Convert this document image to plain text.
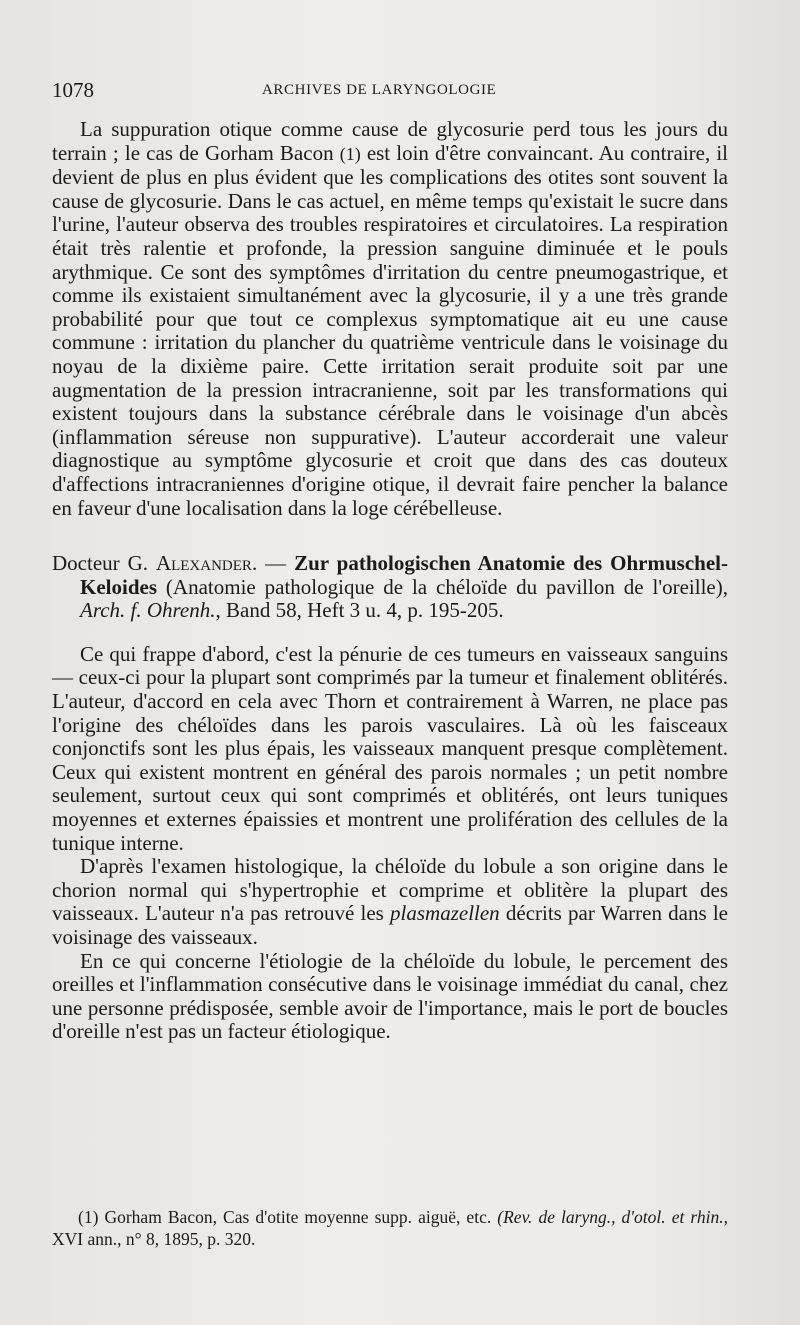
1078	ARCHIVES DE LARYNGOLOGIE

La suppuration otique comme cause de glycosurie perd tous les jours du terrain ; le cas de Gorham Bacon (1) est loin d'être convaincant. Au contraire, il devient de plus en plus évident que les complications des otites sont souvent la cause de glycosurie. Dans le cas actuel, en même temps qu'existait le sucre dans l'urine, l'auteur observa des troubles respiratoires et circulatoires. La respiration était très ralentie et profonde, la pression sanguine diminuée et le pouls arythmique. Ce sont des symptômes d'irritation du centre pneumogastrique, et comme ils existaient simultanément avec la glycosurie, il y a une très grande probabilité pour que tout ce complexus symptomatique ait eu une cause commune : irritation du plancher du quatrième ventricule dans le voisinage du noyau de la dixième paire. Cette irritation serait produite soit par une augmentation de la pression intracranienne, soit par les transformations qui existent toujours dans la substance cérébrale dans le voisinage d'un abcès (inflammation séreuse non suppurative). L'auteur accorderait une valeur diagnostique au symptôme glycosurie et croit que dans des cas douteux d'affections intracraniennes d'origine otique, il devrait faire pencher la balance en faveur d'une localisation dans la loge cérébelleuse.

Docteur G. Alexander. — Zur pathologischen Anatomie des Ohrmuschel-Keloides (Anatomie pathologique de la chéloïde du pavillon de l'oreille), Arch. f. Ohrenh., Band 58, Heft 3 u. 4, p. 195-205.

Ce qui frappe d'abord, c'est la pénurie de ces tumeurs en vaisseaux sanguins — ceux-ci pour la plupart sont comprimés par la tumeur et finalement oblitérés. L'auteur, d'accord en cela avec Thorn et contrairement à Warren, ne place pas l'origine des chéloïdes dans les parois vasculaires. Là où les faisceaux conjonctifs sont les plus épais, les vaisseaux manquent presque complètement. Ceux qui existent montrent en général des parois normales ; un petit nombre seulement, surtout ceux qui sont comprimés et oblitérés, ont leurs tuniques moyennes et externes épaissies et montrent une prolifération des cellules de la tunique interne.

D'après l'examen histologique, la chéloïde du lobule a son origine dans le chorion normal qui s'hypertrophie et comprime et oblitère la plupart des vaisseaux. L'auteur n'a pas retrouvé les plasmazellen décrits par Warren dans le voisinage des vaisseaux.

En ce qui concerne l'étiologie de la chéloïde du lobule, le percement des oreilles et l'inflammation consécutive dans le voisinage immédiat du canal, chez une personne prédisposée, semble avoir de l'importance, mais le port de boucles d'oreille n'est pas un facteur étiologique.

(1) Gorham Bacon, Cas d'otite moyenne supp. aiguë, etc. (Rev. de laryng., d'otol. et rhin., XVI ann., n° 8, 1895, p. 320.
